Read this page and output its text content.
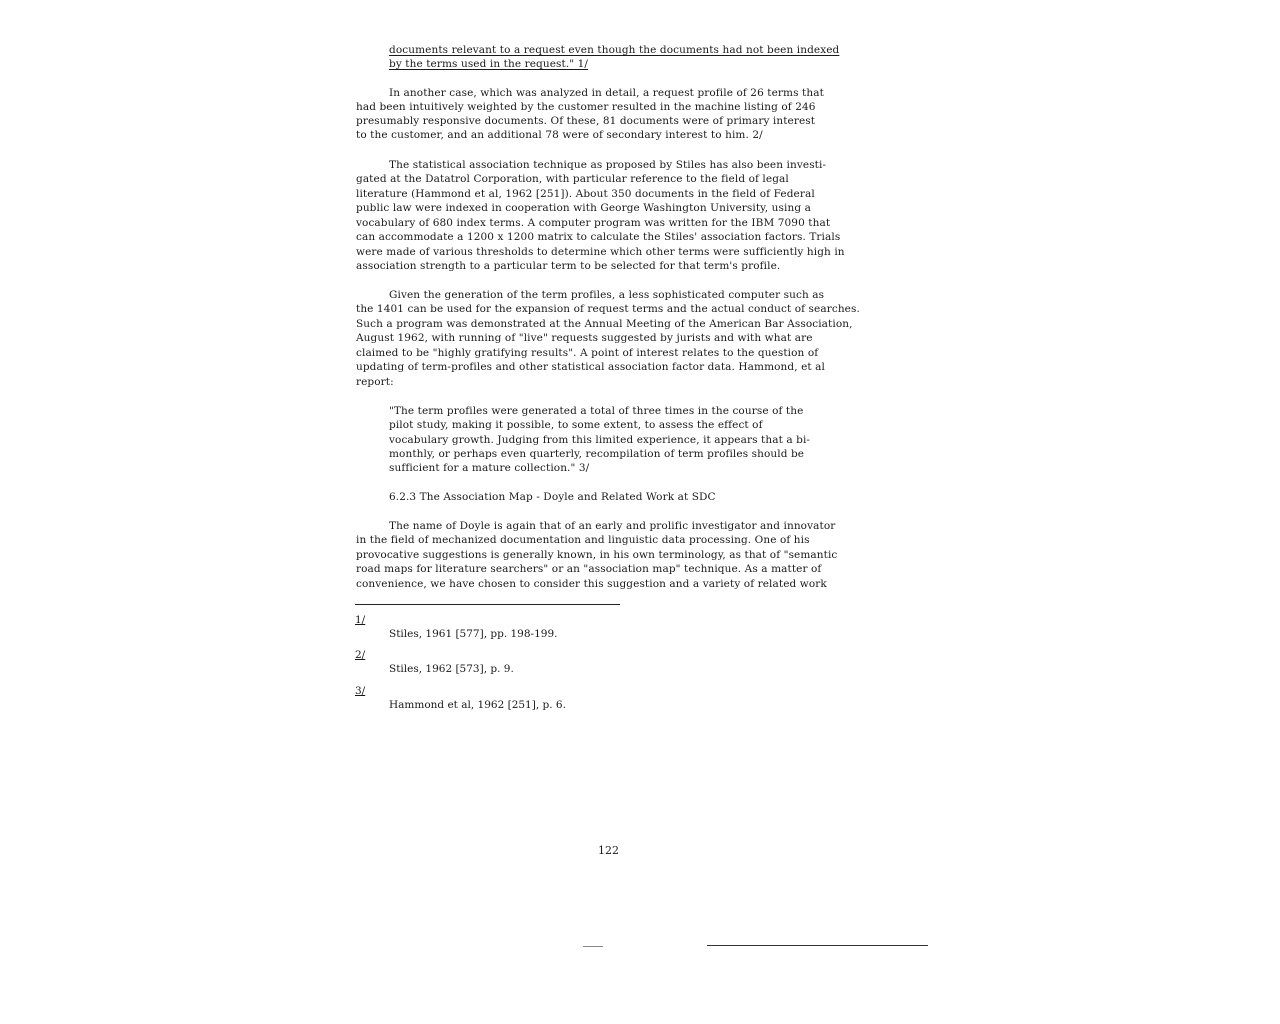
documents relevant to a request even though the documents had not been indexed
by the terms used in the request." 1/
In another case, which was analyzed in detail, a request profile of 26 terms that
had been intuitively weighted by the customer resulted in the machine listing of 246
presumably responsive documents. Of these, 81 documents were of primary interest
to the customer, and an additional 78 were of secondary interest to him. 2/
The statistical association technique as proposed by Stiles has also been investi-
gated at the Datatrol Corporation, with particular reference to the field of legal
literature (Hammond et al, 1962 [251]). About 350 documents in the field of Federal
public law were indexed in cooperation with George Washington University, using a
vocabulary of 680 index terms. A computer program was written for the IBM 7090 that
can accommodate a 1200 x 1200 matrix to calculate the Stiles' association factors. Trials
were made of various thresholds to determine which other terms were sufficiently high in
association strength to a particular term to be selected for that term's profile.
Given the generation of the term profiles, a less sophisticated computer such as
the 1401 can be used for the expansion of request terms and the actual conduct of searches.
Such a program was demonstrated at the Annual Meeting of the American Bar Association,
August 1962, with running of "live" requests suggested by jurists and with what are
claimed to be "highly gratifying results". A point of interest relates to the question of
updating of term-profiles and other statistical association factor data. Hammond, et al
report:
"The term profiles were generated a total of three times in the course of the
pilot study, making it possible, to some extent, to assess the effect of
vocabulary growth. Judging from this limited experience, it appears that a bi-
monthly, or perhaps even quarterly, recompilation of term profiles should be
sufficient for a mature collection." 3/
6.2.3 The Association Map - Doyle and Related Work at SDC
The name of Doyle is again that of an early and prolific investigator and innovator
in the field of mechanized documentation and linguistic data processing. One of his
provocative suggestions is generally known, in his own terminology, as that of "semantic
road maps for literature searchers" or an "association map" technique. As a matter of
convenience, we have chosen to consider this suggestion and a variety of related work
1/
Stiles, 1961 [577], pp. 198-199.
2/
Stiles, 1962 [573], p. 9.
3/
Hammond et al, 1962 [251], p. 6.
122
